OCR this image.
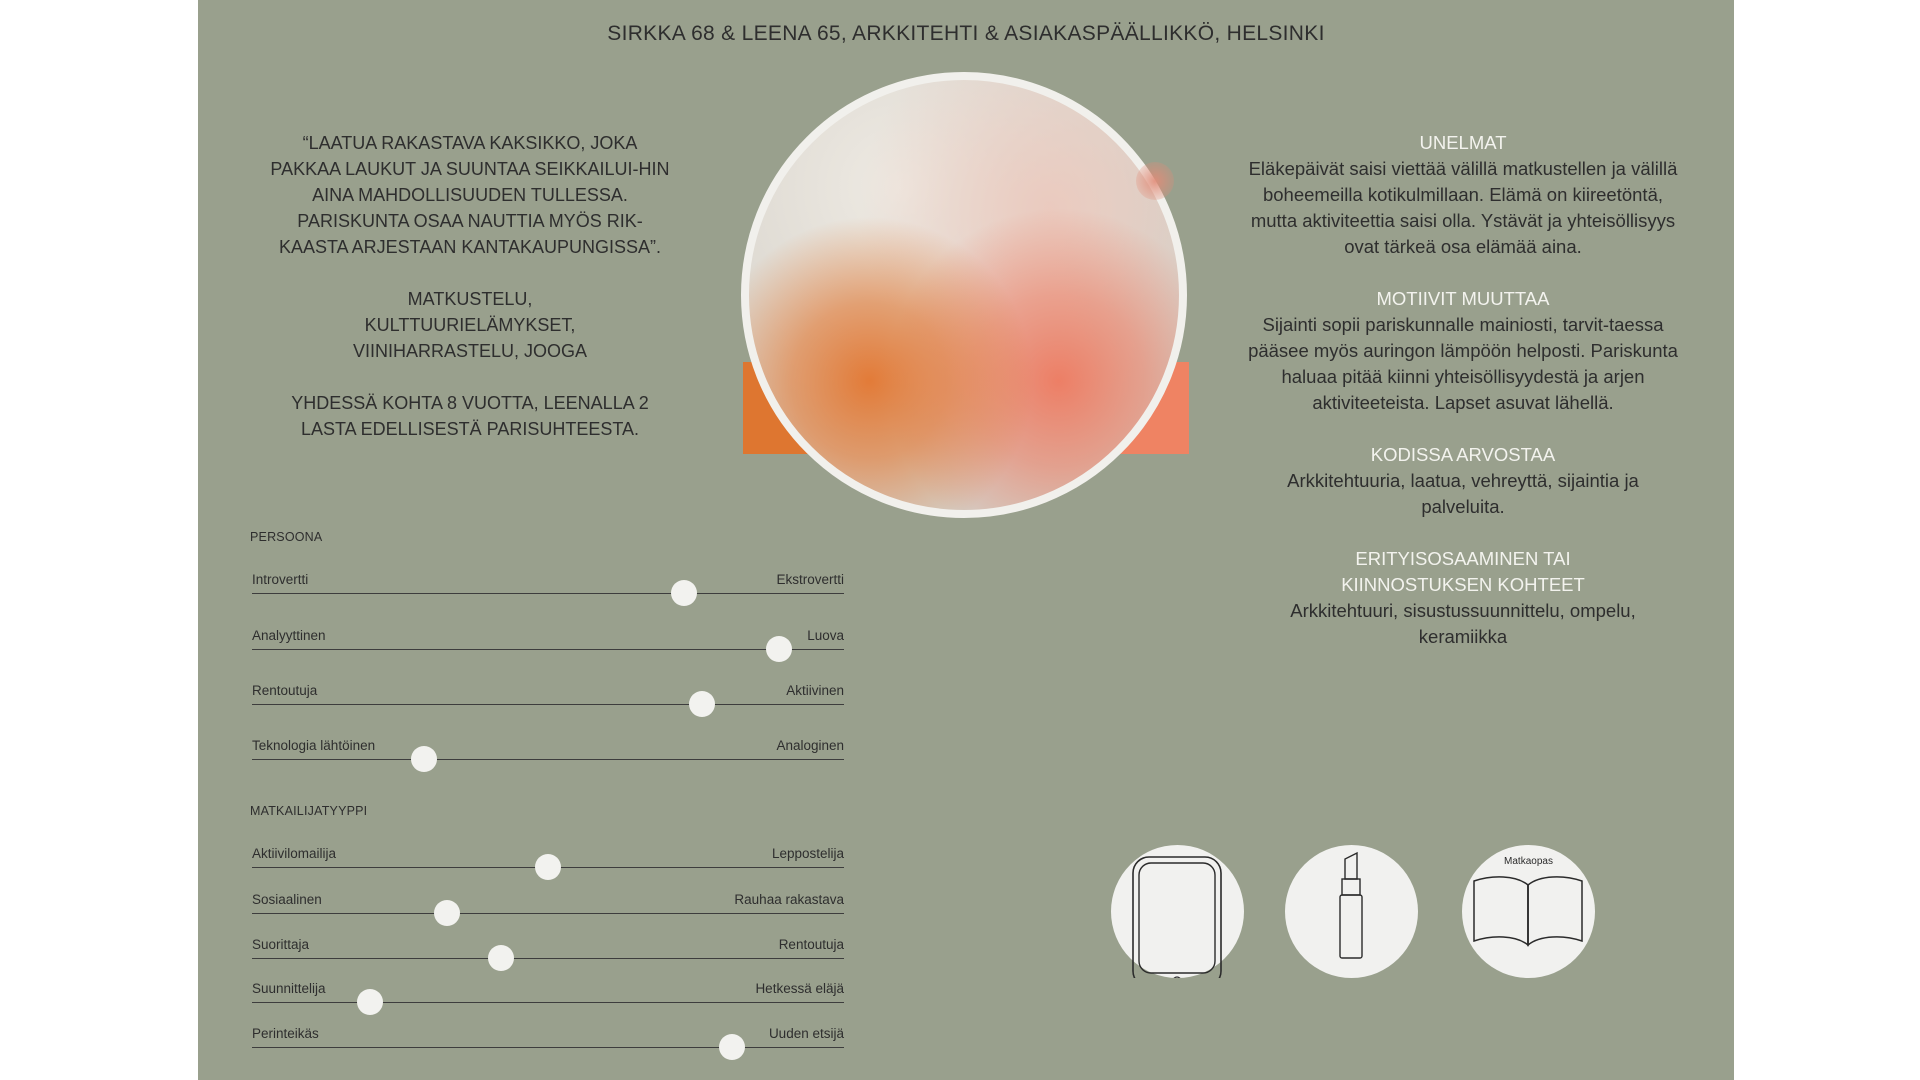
SIRKKA 68 & LEENA 65, ARKKITEHTI & ASIAKASPÄÄLLIKKÖ, HELSINKI

“LAATUA RAKASTAVA KAKSIKKO, JOKA PAKKAA LAUKUT JA SUUNTAA SEIKKAILUI-HIN AINA MAHDOLLISUUDEN TULLESSA. PARISKUNTA OSAA NAUTTIA MYÖS RIK-KAASTA ARJESTAAN KANTAKAUPUNGISSA”.

MATKUSTELU, KULTTUURIELÄMYKSET, VIINIHARRASTELU, JOOGA

YHDESSÄ KOHTA 8 VUOTTA, LEENALLA 2 LASTA EDELLISESTÄ PARISUHTEESTA.

UNELMAT
Eläkepäivät saisi viettää välillä matkustellen ja välillä boheemeilla kotikulmillaan. Elämä on kiireetöntä, mutta aktiviteettia saisi olla. Ystävät ja yhteisöllisyys ovat tärkeä osa elämää aina.
MOTIIVIT MUUTTAA
Sijainti sopii pariskunnalle mainiosti, tarvit-taessa pääsee myös auringon lämpöön helposti. Pariskunta haluaa pitää kiinni yhteisöllisyydestä ja arjen aktiviteeteista. Lapset asuvat lähellä.
KODISSA ARVOSTAA
Arkkitehtuuria, laatua, vehreyttä, sijaintia ja palveluita.
ERITYISOSAAMINEN TAI KIINNOSTUKSEN KOHTEET
Arkkitehtuuri, sisustussuunnittelu, ompelu, keramiikka
PERSOONA
Introvertti	Ekstrovertti
Analyyttinen	Luova
Rentoutuja	Aktiivinen
Teknologia lähtöinen	Analoginen
MATKAILIJATYYPPI
Aktiivilomailija	Leppostelija
Sosiaalinen	Rauhaa rakastava
Suorittaja	Rentoutuja
Suunnittelija	Hetkessä eläjä
Perinteikäs	Uuden etsijä
Matkaopas
